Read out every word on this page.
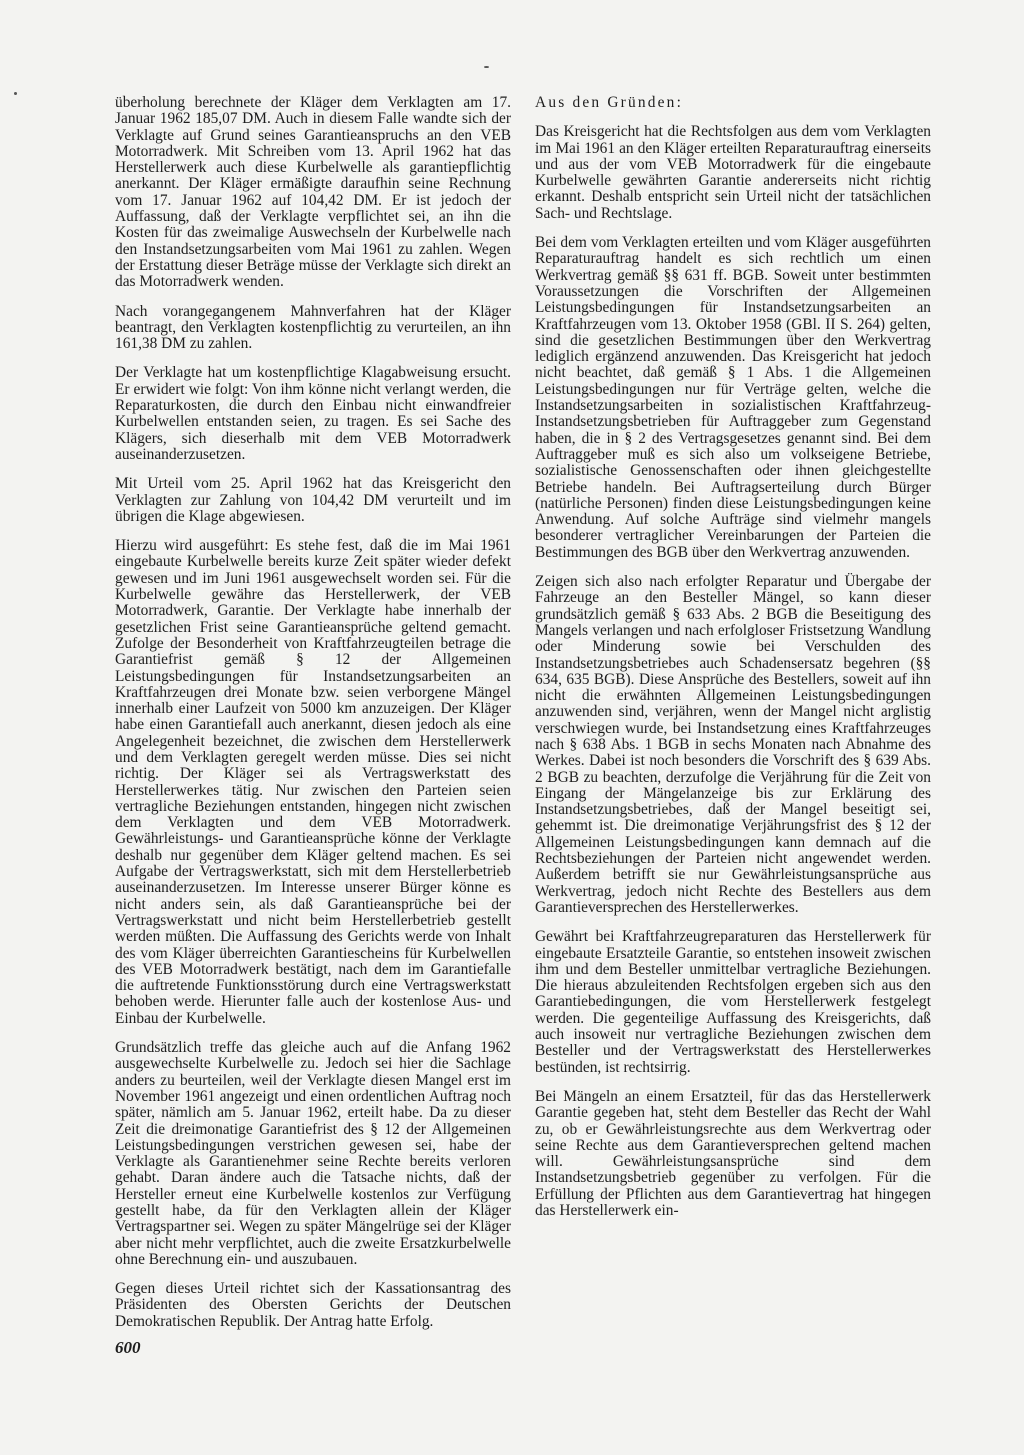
überholung berechnete der Kläger dem Verklagten am 17. Januar 1962 185,07 DM. Auch in diesem Falle wandte sich der Verklagte auf Grund seines Garantieanspruchs an den VEB Motorradwerk. Mit Schreiben vom 13. April 1962 hat das Herstellerwerk auch diese Kurbelwelle als garantiepflichtig anerkannt. Der Kläger ermäßigte daraufhin seine Rechnung vom 17. Januar 1962 auf 104,42 DM. Er ist jedoch der Auffassung, daß der Verklagte verpflichtet sei, an ihn die Kosten für das zweimalige Auswechseln der Kurbelwelle nach den Instandsetzungsarbeiten vom Mai 1961 zu zahlen. Wegen der Erstattung dieser Beträge müsse der Verklagte sich direkt an das Motorradwerk wenden.

Nach vorangegangenem Mahnverfahren hat der Kläger beantragt, den Verklagten kostenpflichtig zu verurteilen, an ihn 161,38 DM zu zahlen.

Der Verklagte hat um kostenpflichtige Klagabweisung ersucht. Er erwidert wie folgt: Von ihm könne nicht verlangt werden, die Reparaturkosten, die durch den Einbau nicht einwandfreier Kurbelwellen entstanden seien, zu tragen. Es sei Sache des Klägers, sich dieserhalb mit dem VEB Motorradwerk auseinanderzusetzen.

Mit Urteil vom 25. April 1962 hat das Kreisgericht den Verklagten zur Zahlung von 104,42 DM verurteilt und im übrigen die Klage abgewiesen.

Hierzu wird ausgeführt: Es stehe fest, daß die im Mai 1961 eingebaute Kurbelwelle bereits kurze Zeit später wieder defekt gewesen und im Juni 1961 ausgewechselt worden sei. Für die Kurbelwelle gewähre das Herstellerwerk, der VEB Motorradwerk, Garantie. Der Verklagte habe innerhalb der gesetzlichen Frist seine Garantieansprüche geltend gemacht. Zufolge der Besonderheit von Kraftfahrzeugteilen betrage die Garantiefrist gemäß § 12 der Allgemeinen Leistungsbedingungen für Instandsetzungsarbeiten an Kraftfahrzeugen drei Monate bzw. seien verborgene Mängel innerhalb einer Laufzeit von 5000 km anzuzeigen. Der Kläger habe einen Garantiefall auch anerkannt, diesen jedoch als eine Angelegenheit bezeichnet, die zwischen dem Herstellerwerk und dem Verklagten geregelt werden müsse. Dies sei nicht richtig. Der Kläger sei als Vertragswerkstatt des Herstellerwerkes tätig. Nur zwischen den Parteien seien vertragliche Beziehungen entstanden, hingegen nicht zwischen dem Verklagten und dem VEB Motorradwerk. Gewährleistungs- und Garantieansprüche könne der Verklagte deshalb nur gegenüber dem Kläger geltend machen. Es sei Aufgabe der Vertragswerkstatt, sich mit dem Herstellerbetrieb auseinanderzusetzen. Im Interesse unserer Bürger könne es nicht anders sein, als daß Garantieansprüche bei der Vertragswerkstatt und nicht beim Herstellerbetrieb gestellt werden müßten. Die Auffassung des Gerichts werde von Inhalt des vom Kläger überreichten Garantiescheins für Kurbelwellen des VEB Motorradwerk bestätigt, nach dem im Garantiefalle die auftretende Funktionsstörung durch eine Vertragswerkstatt behoben werde. Hierunter falle auch der kostenlose Aus- und Einbau der Kurbelwelle.

Grundsätzlich treffe das gleiche auch auf die Anfang 1962 ausgewechselte Kurbelwelle zu. Jedoch sei hier die Sachlage anders zu beurteilen, weil der Verklagte diesen Mangel erst im November 1961 angezeigt und einen ordentlichen Auftrag noch später, nämlich am 5. Januar 1962, erteilt habe. Da zu dieser Zeit die dreimonatige Garantiefrist des § 12 der Allgemeinen Leistungsbedingungen verstrichen gewesen sei, habe der Verklagte als Garantienehmer seine Rechte bereits verloren gehabt. Daran ändere auch die Tatsache nichts, daß der Hersteller erneut eine Kurbelwelle kostenlos zur Verfügung gestellt habe, da für den Verklagten allein der Kläger Vertragspartner sei. Wegen zu später Mängelrüge sei der Kläger aber nicht mehr verpflichtet, auch die zweite Ersatzkurbelwelle ohne Berechnung ein- und auszubauen.

Gegen dieses Urteil richtet sich der Kassationsantrag des Präsidenten des Obersten Gerichts der Deutschen Demokratischen Republik. Der Antrag hatte Erfolg.

Aus den Gründen:

Das Kreisgericht hat die Rechtsfolgen aus dem vom Verklagten im Mai 1961 an den Kläger erteilten Reparaturauftrag einerseits und aus der vom VEB Motorradwerk für die eingebaute Kurbelwelle gewährten Garantie andererseits nicht richtig erkannt. Deshalb entspricht sein Urteil nicht der tatsächlichen Sach- und Rechtslage.

Bei dem vom Verklagten erteilten und vom Kläger ausgeführten Reparaturauftrag handelt es sich rechtlich um einen Werkvertrag gemäß §§ 631 ff. BGB. Soweit unter bestimmten Voraussetzungen die Vorschriften der Allgemeinen Leistungsbedingungen für Instandsetzungsarbeiten an Kraftfahrzeugen vom 13. Oktober 1958 (GBl. II S. 264) gelten, sind die gesetzlichen Bestimmungen über den Werkvertrag lediglich ergänzend anzuwenden. Das Kreisgericht hat jedoch nicht beachtet, daß gemäß § 1 Abs. 1 die Allgemeinen Leistungsbedingungen nur für Verträge gelten, welche die Instandsetzungsarbeiten in sozialistischen Kraftfahrzeug-Instandsetzungsbetrieben für Auftraggeber zum Gegenstand haben, die in § 2 des Vertragsgesetzes genannt sind. Bei dem Auftraggeber muß es sich also um volkseigene Betriebe, sozialistische Genossenschaften oder ihnen gleichgestellte Betriebe handeln. Bei Auftragserteilung durch Bürger (natürliche Personen) finden diese Leistungsbedingungen keine Anwendung. Auf solche Aufträge sind vielmehr mangels besonderer vertraglicher Vereinbarungen der Parteien die Bestimmungen des BGB über den Werkvertrag anzuwenden.

Zeigen sich also nach erfolgter Reparatur und Übergabe der Fahrzeuge an den Besteller Mängel, so kann dieser grundsätzlich gemäß § 633 Abs. 2 BGB die Beseitigung des Mangels verlangen und nach erfolgloser Fristsetzung Wandlung oder Minderung sowie bei Verschulden des Instandsetzungsbetriebes auch Schadensersatz begehren (§§ 634, 635 BGB). Diese Ansprüche des Bestellers, soweit auf ihn nicht die erwähnten Allgemeinen Leistungsbedingungen anzuwenden sind, verjähren, wenn der Mangel nicht arglistig verschwiegen wurde, bei Instandsetzung eines Kraftfahrzeuges nach § 638 Abs. 1 BGB in sechs Monaten nach Abnahme des Werkes. Dabei ist noch besonders die Vorschrift des § 639 Abs. 2 BGB zu beachten, derzufolge die Verjährung für die Zeit von Eingang der Mängelanzeige bis zur Erklärung des Instandsetzungsbetriebes, daß der Mangel beseitigt sei, gehemmt ist. Die dreimonatige Verjährungsfrist des § 12 der Allgemeinen Leistungsbedingungen kann demnach auf die Rechtsbeziehungen der Parteien nicht angewendet werden. Außerdem betrifft sie nur Gewährleistungsansprüche aus Werkvertrag, jedoch nicht Rechte des Bestellers aus dem Garantieversprechen des Herstellerwerkes.

Gewährt bei Kraftfahrzeugreparaturen das Herstellerwerk für eingebaute Ersatzteile Garantie, so entstehen insoweit zwischen ihm und dem Besteller unmittelbar vertragliche Beziehungen. Die hieraus abzuleitenden Rechtsfolgen ergeben sich aus den Garantiebedingungen, die vom Herstellerwerk festgelegt werden. Die gegenteilige Auffassung des Kreisgerichts, daß auch insoweit nur vertragliche Beziehungen zwischen dem Besteller und der Vertragswerkstatt des Herstellerwerkes bestünden, ist rechtsirrig.

Bei Mängeln an einem Ersatzteil, für das das Herstellerwerk Garantie gegeben hat, steht dem Besteller das Recht der Wahl zu, ob er Gewährleistungsrechte aus dem Werkvertrag oder seine Rechte aus dem Garantieversprechen geltend machen will. Gewährleistungsansprüche sind dem Instandsetzungsbetrieb gegenüber zu verfolgen. Für die Erfüllung der Pflichten aus dem Garantievertrag hat hingegen das Herstellerwerk ein-

600
